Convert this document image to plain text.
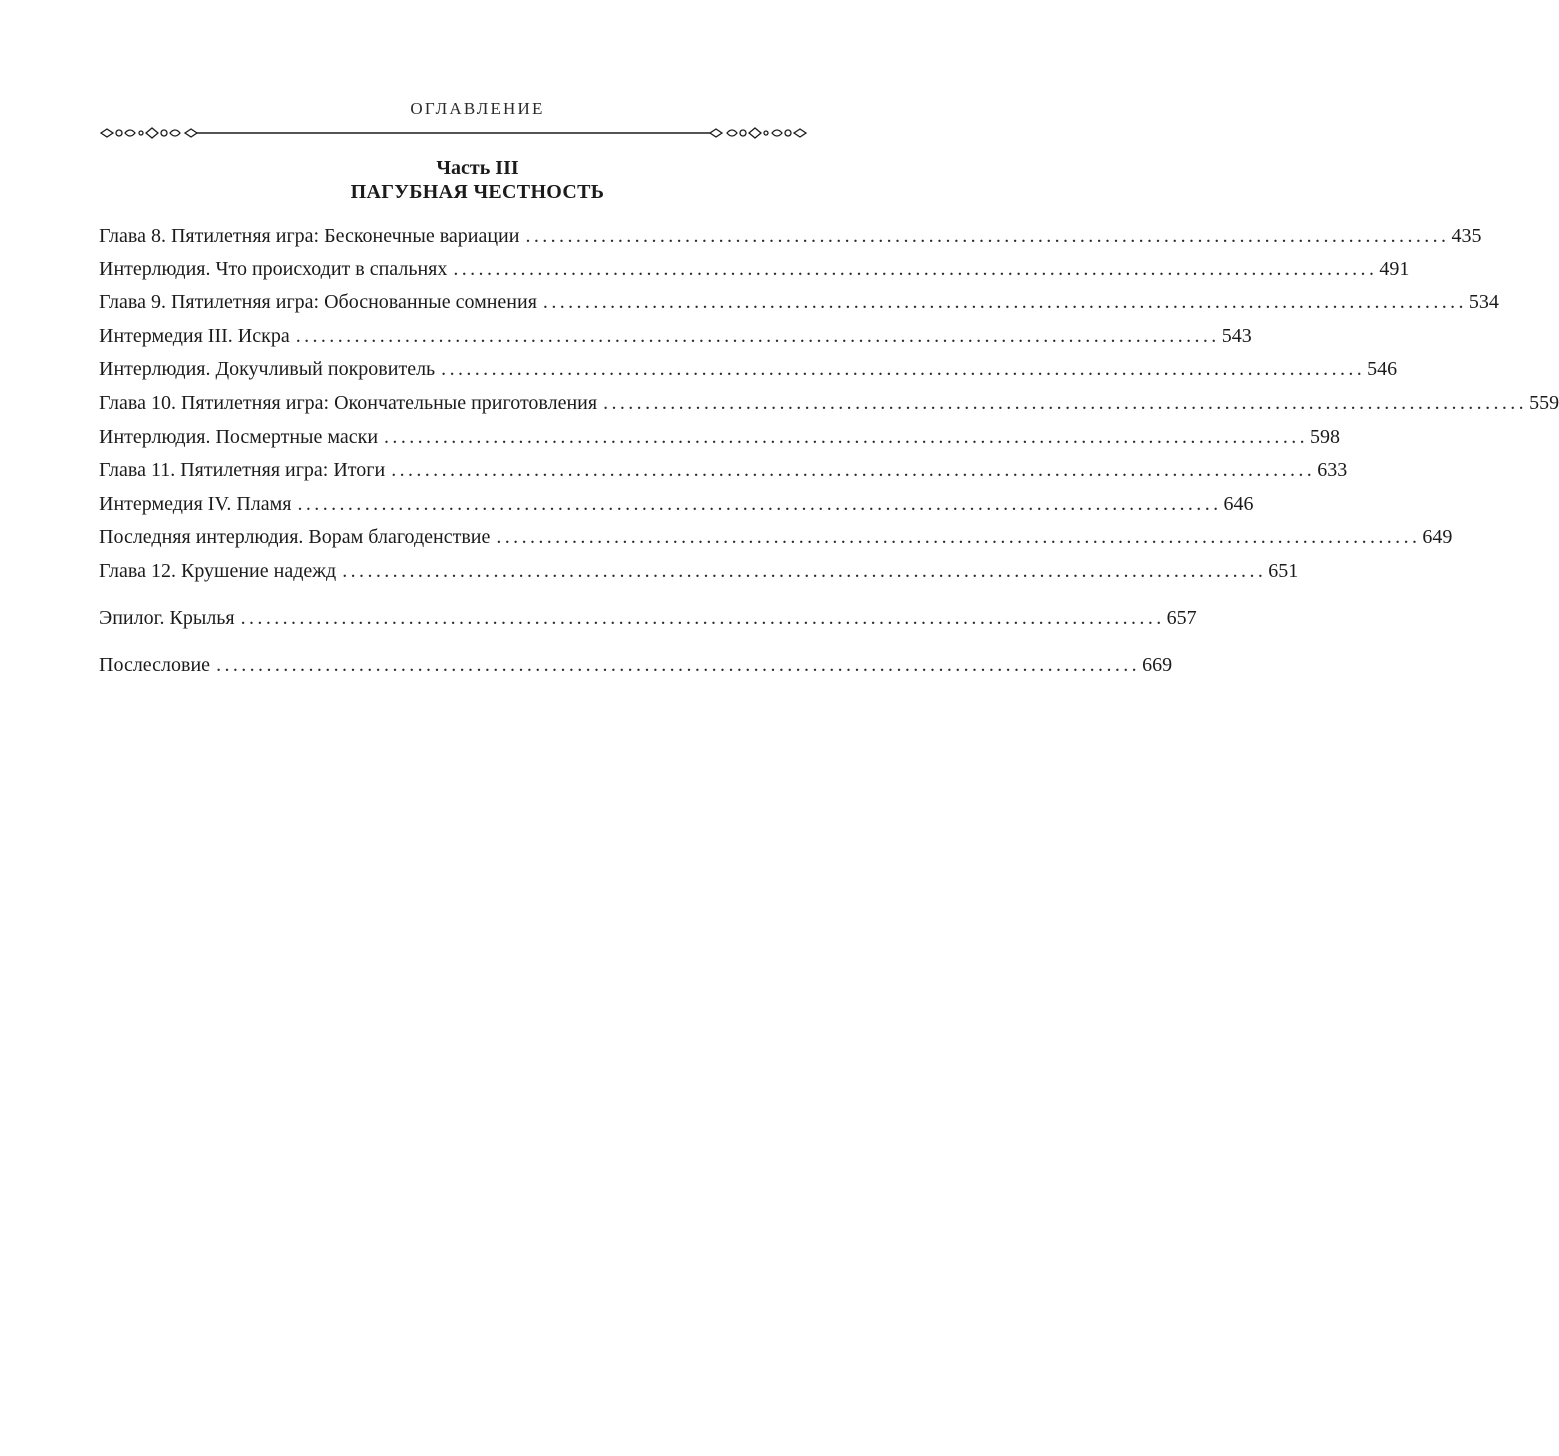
ОГЛАВЛЕНИЕ
Часть III
ПАГУБНАЯ ЧЕСТНОСТЬ
Глава 8. Пятилетняя игра: Бесконечные вариации .............................................................................................................. 435
Интерлюдия. Что происходит в спальнях .............................................................................................................. 491
Глава 9. Пятилетняя игра: Обоснованные сомнения .............................................................................................................. 534
Интермедия III. Искра .............................................................................................................. 543
Интерлюдия. Докучливый покровитель .............................................................................................................. 546
Глава 10. Пятилетняя игра: Окончательные приготовления .............................................................................................................. 559
Интерлюдия. Посмертные маски .............................................................................................................. 598
Глава 11. Пятилетняя игра: Итоги .............................................................................................................. 633
Интермедия IV. Пламя .............................................................................................................. 646
Последняя интерлюдия. Ворам благоденствие .............................................................................................................. 649
Глава 12. Крушение надежд .............................................................................................................. 651
Эпилог. Крылья .............................................................................................................. 657
Послесловие .............................................................................................................. 669
